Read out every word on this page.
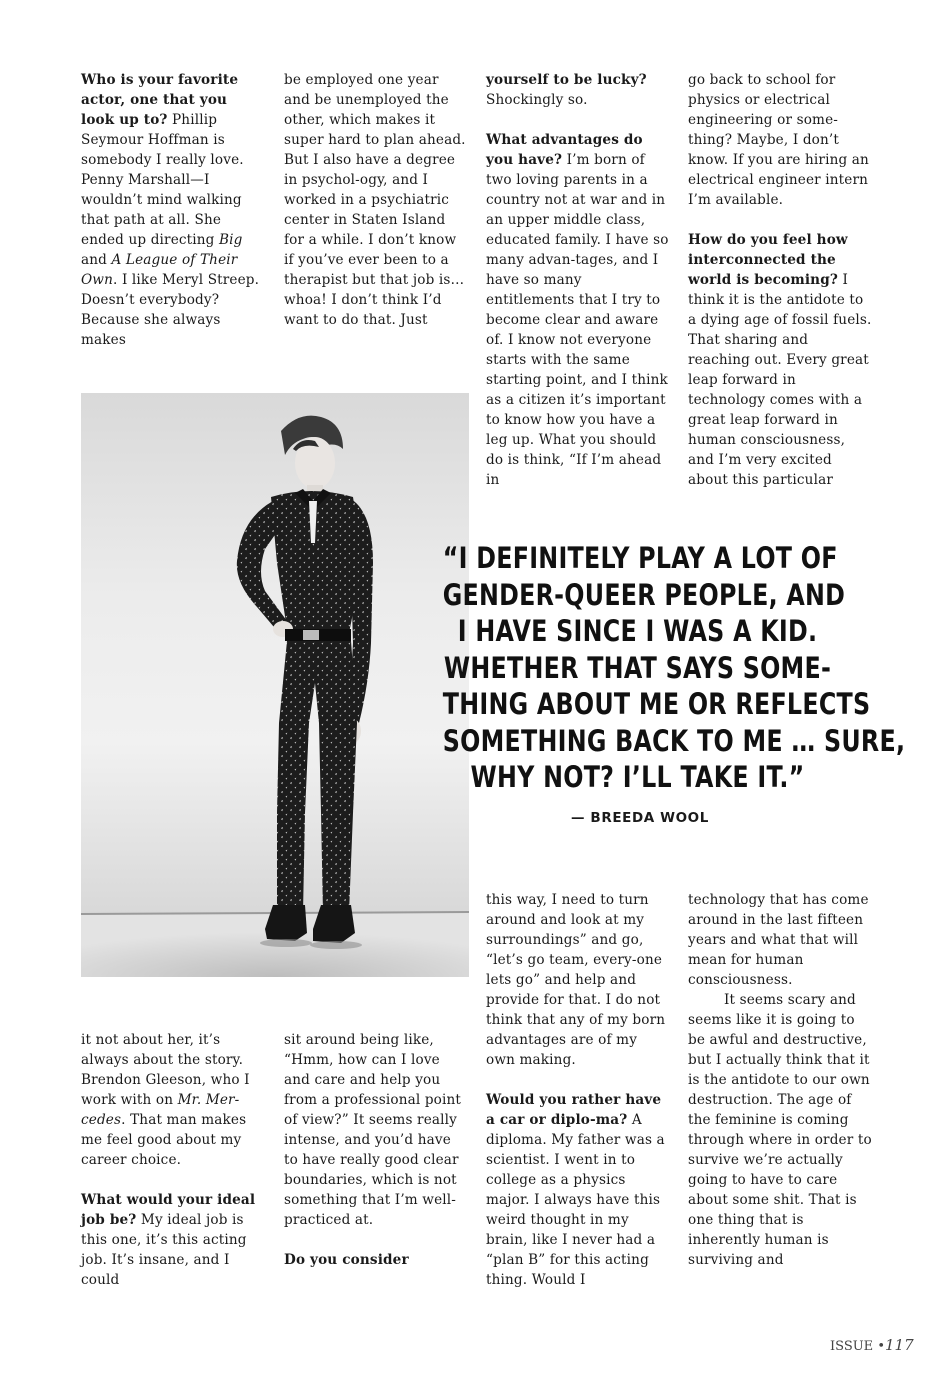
Who is your favorite actor, one that you look up to? Phillip Seymour Hoffman is somebody I really love. Penny Marshall—I wouldn’t mind walking that path at all. She ended up directing Big and A League of Their Own. I like Meryl Streep. Doesn’t everybody? Because she always makes

be employed one year and be unemployed the other, which makes it super hard to plan ahead. But I also have a degree in psychol-ogy, and I worked in a psychiatric center in Staten Island for a while. I don’t know if you’ve ever been to a therapist but that job is…whoa! I don’t think I’d want to do that. Just

yourself to be lucky? Shockingly so.

What advantages do you have? I’m born of two loving parents in a country not at war and in an upper middle class, educated family. I have so many advan-tages, and I have so many entitlements that I try to become clear and aware of. I know not everyone starts with the same starting point, and I think as a citizen it’s important to know how you have a leg up. What you should do is think, “If I’m ahead in

go back to school for physics or electrical engineering or some-thing? Maybe, I don’t know. If you are hiring an electrical engineer intern I’m available.

How do you feel how interconnected the world is becoming? I think it is the antidote to a dying age of fossil fuels. That sharing and reaching out. Every great leap forward in technology comes with a great leap forward in human consciousness, and I’m very excited about this particular

“I DEFINITELY PLAY A LOT OF
GENDER-QUEER PEOPLE, AND
I HAVE SINCE I WAS A KID.
WHETHER THAT SAYS SOME-
THING ABOUT ME OR REFLECTS
SOMETHING BACK TO ME … SURE,
WHY NOT? I’LL TAKE IT.”
— BREEDA WOOL

this way, I need to turn around and look at my surroundings” and go, “let’s go team, every-one lets go” and help and provide for that. I do not think that any of my born advantages are of my own making.

Would you rather have a car or diplo-ma? A diploma. My father was a scientist. I went in to college as a physics major. I always have this weird thought in my brain, like I never had a “plan B” for this acting thing. Would I

technology that has come around in the last fifteen years and what that will mean for human consciousness.

It seems scary and seems like it is going to be awful and destructive, but I actually think that it is the antidote to our own destruction. The age of the feminine is coming through where in order to survive we’re actually going to have to care about some shit. That is one thing that is inherently human is surviving and

it not about her, it’s always about the story. Brendon Gleeson, who I work with on Mr. Mer-cedes. That man makes me feel good about my career choice.

What would your ideal job be? My ideal job is this one, it’s this acting job. It’s insane, and I could

sit around being like, “Hmm, how can I love and care and help you from a professional point of view?” It seems really intense, and you’d have to have really good clear boundaries, which is not something that I’m well-practiced at.

Do you consider

ISSUE •117
